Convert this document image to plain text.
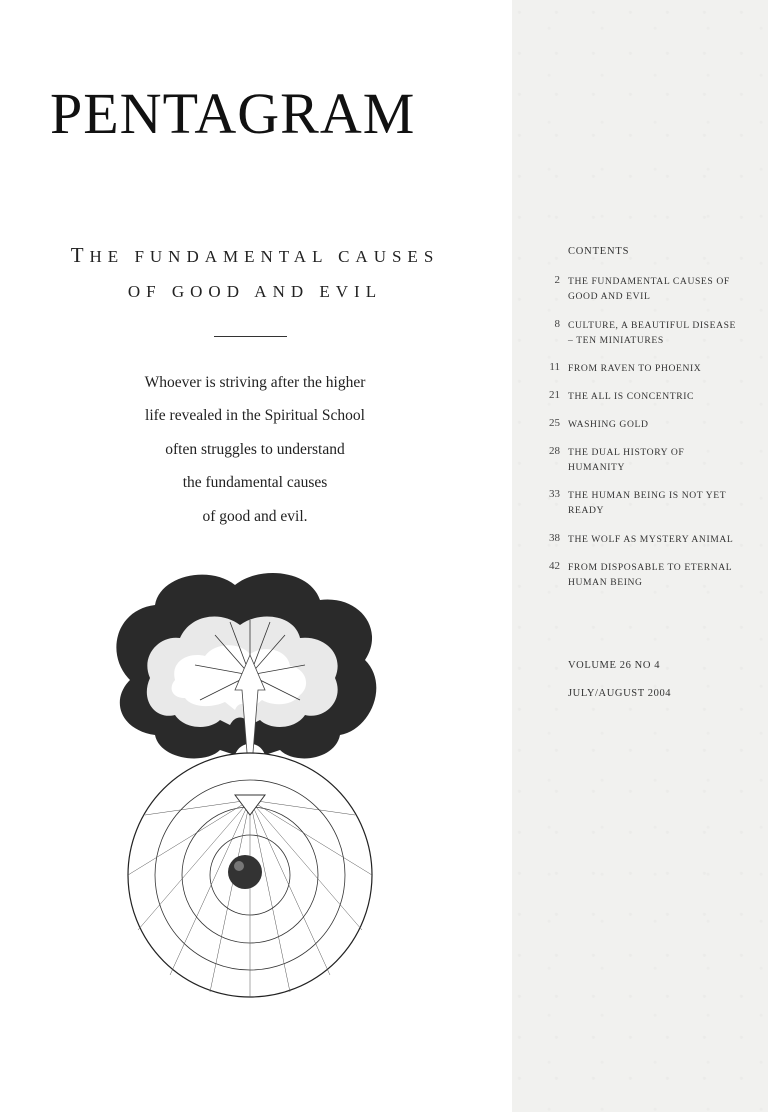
PENTAGRAM
THE FUNDAMENTAL CAUSES
OF GOOD AND EVIL

Whoever is striving after the higher

life revealed in the Spiritual School

often struggles to understand

the fundamental causes

of good and evil.

CONTENTS
2 THE FUNDAMENTAL CAUSES OF
GOOD AND EVIL
8 CULTURE, A BEAUTIFUL DISEASE
– TEN MINIATURES
11 FROM RAVEN TO PHOENIX
21 THE ALL IS CONCENTRIC
25 WASHING GOLD
28 THE DUAL HISTORY OF
HUMANITY
33 THE HUMAN BEING IS NOT YET
READY
38 THE WOLF AS MYSTERY ANIMAL
42 FROM DISPOSABLE TO ETERNAL
HUMAN BEING
VOLUME 26 NO 4
JULY/AUGUST 2004
